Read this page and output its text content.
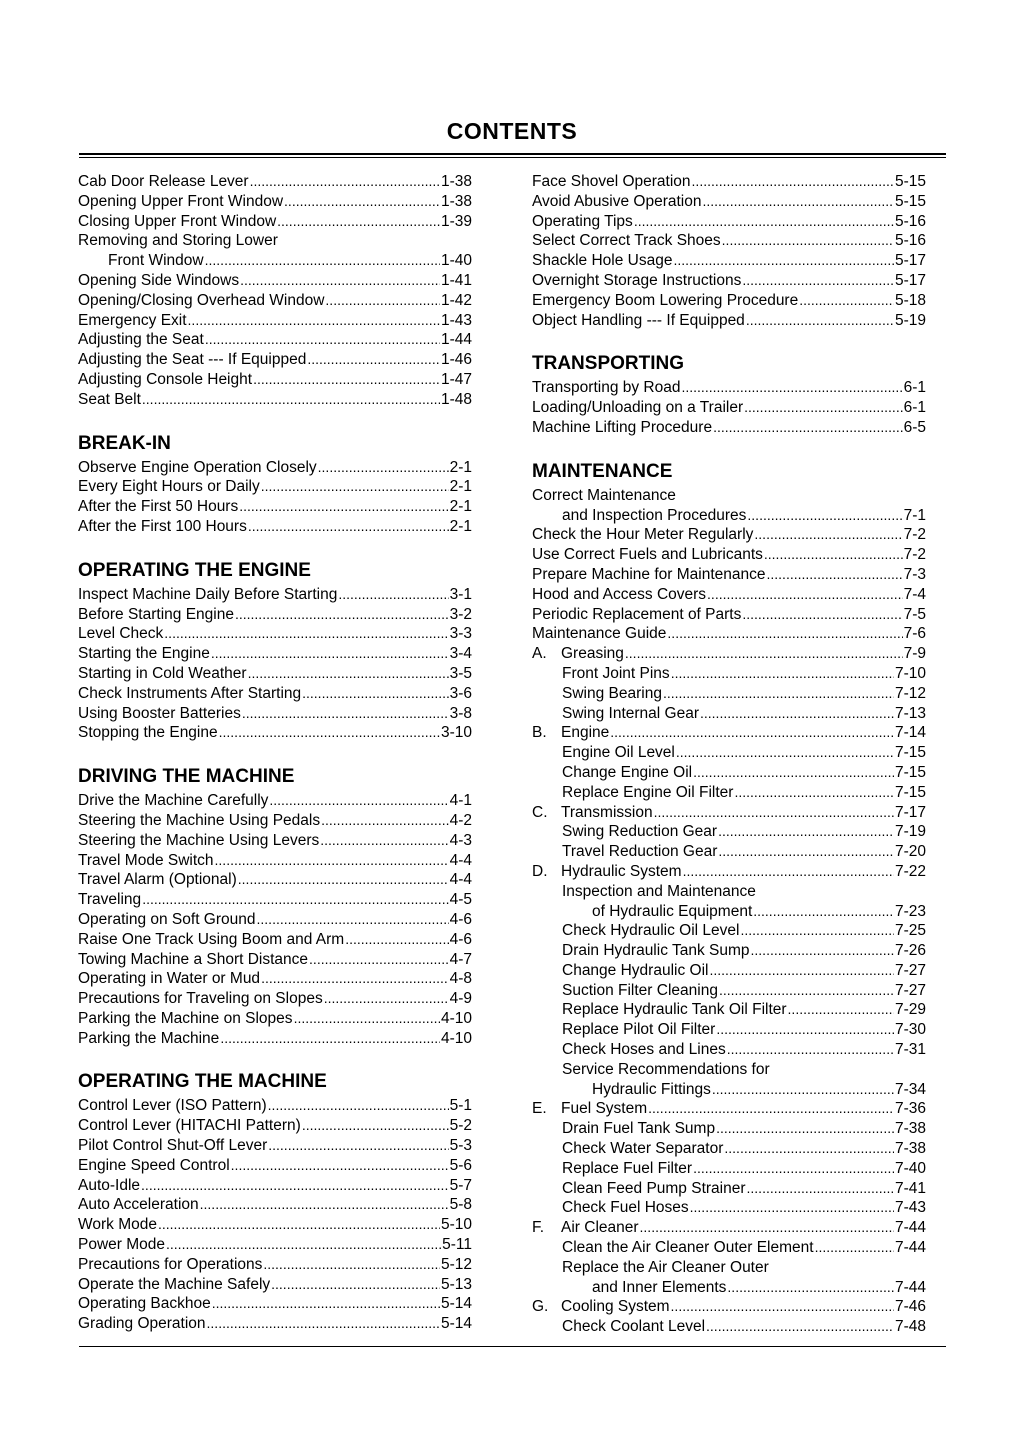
CONTENTS
Cab Door Release Lever .....	1-38
Opening Upper Front Window .....	1-38
Closing Upper Front Window .....	1-39
Removing and Storing Lower
Front Window .....	1-40
Opening Side Windows .....	1-41
Opening/Closing Overhead Window .....	1-42
Emergency Exit .....	1-43
Adjusting the Seat .....	1-44
Adjusting the Seat --- If Equipped .....	1-46
Adjusting Console Height .....	1-47
Seat Belt .....	1-48
BREAK-IN
Observe Engine Operation Closely .....	2-1
Every Eight Hours or Daily .....	2-1
After the First 50 Hours .....	2-1
After the First 100 Hours .....	2-1
OPERATING THE ENGINE
Inspect Machine Daily Before Starting .....	3-1
Before Starting Engine .....	3-2
Level Check .....	3-3
Starting the Engine .....	3-4
Starting in Cold Weather .....	3-5
Check Instruments After Starting .....	3-6
Using Booster Batteries .....	3-8
Stopping the Engine .....	3-10
DRIVING THE MACHINE
Drive the Machine Carefully .....	4-1
Steering the Machine Using Pedals .....	4-2
Steering the Machine Using Levers .....	4-3
Travel Mode Switch .....	4-4
Travel Alarm (Optional) .....	4-4
Traveling .....	4-5
Operating on Soft Ground .....	4-6
Raise One Track Using Boom and Arm .....	4-6
Towing Machine a Short Distance .....	4-7
Operating in Water or Mud .....	4-8
Precautions for Traveling on Slopes .....	4-9
Parking the Machine on Slopes .....	4-10
Parking the Machine .....	4-10
OPERATING THE MACHINE
Control Lever (ISO Pattern) .....	5-1
Control Lever (HITACHI Pattern) .....	5-2
Pilot Control Shut-Off Lever .....	5-3
Engine Speed Control .....	5-6
Auto-Idle .....	5-7
Auto Acceleration .....	5-8
Work Mode .....	5-10
Power Mode .....	5-11
Precautions for Operations .....	5-12
Operate the Machine Safely .....	5-13
Operating Backhoe .....	5-14
Grading Operation .....	5-14
Face Shovel Operation .....	5-15
Avoid Abusive Operation .....	5-15
Operating Tips .....	5-16
Select Correct Track Shoes .....	5-16
Shackle Hole Usage .....	5-17
Overnight Storage Instructions .....	5-17
Emergency Boom Lowering Procedure .....	5-18
Object Handling --- If Equipped .....	5-19
TRANSPORTING
Transporting by Road .....	6-1
Loading/Unloading on a Trailer .....	6-1
Machine Lifting Procedure .....	6-5
MAINTENANCE
Correct Maintenance
and Inspection Procedures .....	7-1
Check the Hour Meter Regularly .....	7-2
Use Correct Fuels and Lubricants .....	7-2
Prepare Machine for Maintenance .....	7-3
Hood and Access Covers .....	7-4
Periodic Replacement of Parts .....	7-5
Maintenance Guide .....	7-6
A. Greasing .....	7-9
Front Joint Pins .....	7-10
Swing Bearing .....	7-12
Swing Internal Gear .....	7-13
B. Engine .....	7-14
Engine Oil Level .....	7-15
Change Engine Oil .....	7-15
Replace Engine Oil Filter .....	7-15
C. Transmission .....	7-17
Swing Reduction Gear .....	7-19
Travel Reduction Gear .....	7-20
D. Hydraulic System .....	7-22
Inspection and Maintenance
of Hydraulic Equipment .....	7-23
Check Hydraulic Oil Level .....	7-25
Drain Hydraulic Tank Sump .....	7-26
Change Hydraulic Oil .....	7-27
Suction Filter Cleaning .....	7-27
Replace Hydraulic Tank Oil Filter .....	7-29
Replace Pilot Oil Filter .....	7-30
Check Hoses and Lines .....	7-31
Service Recommendations for
Hydraulic Fittings .....	7-34
E. Fuel System .....	7-36
Drain Fuel Tank Sump .....	7-38
Check Water Separator .....	7-38
Replace Fuel Filter .....	7-40
Clean Feed Pump Strainer .....	7-41
Check Fuel Hoses .....	7-43
F.	Air Cleaner .....	7-44
Clean the Air Cleaner Outer Element .....	7-44
Replace the Air Cleaner Outer
and Inner Elements .....	7-44
G. Cooling System .....	7-46
Check Coolant Level .....	7-48
